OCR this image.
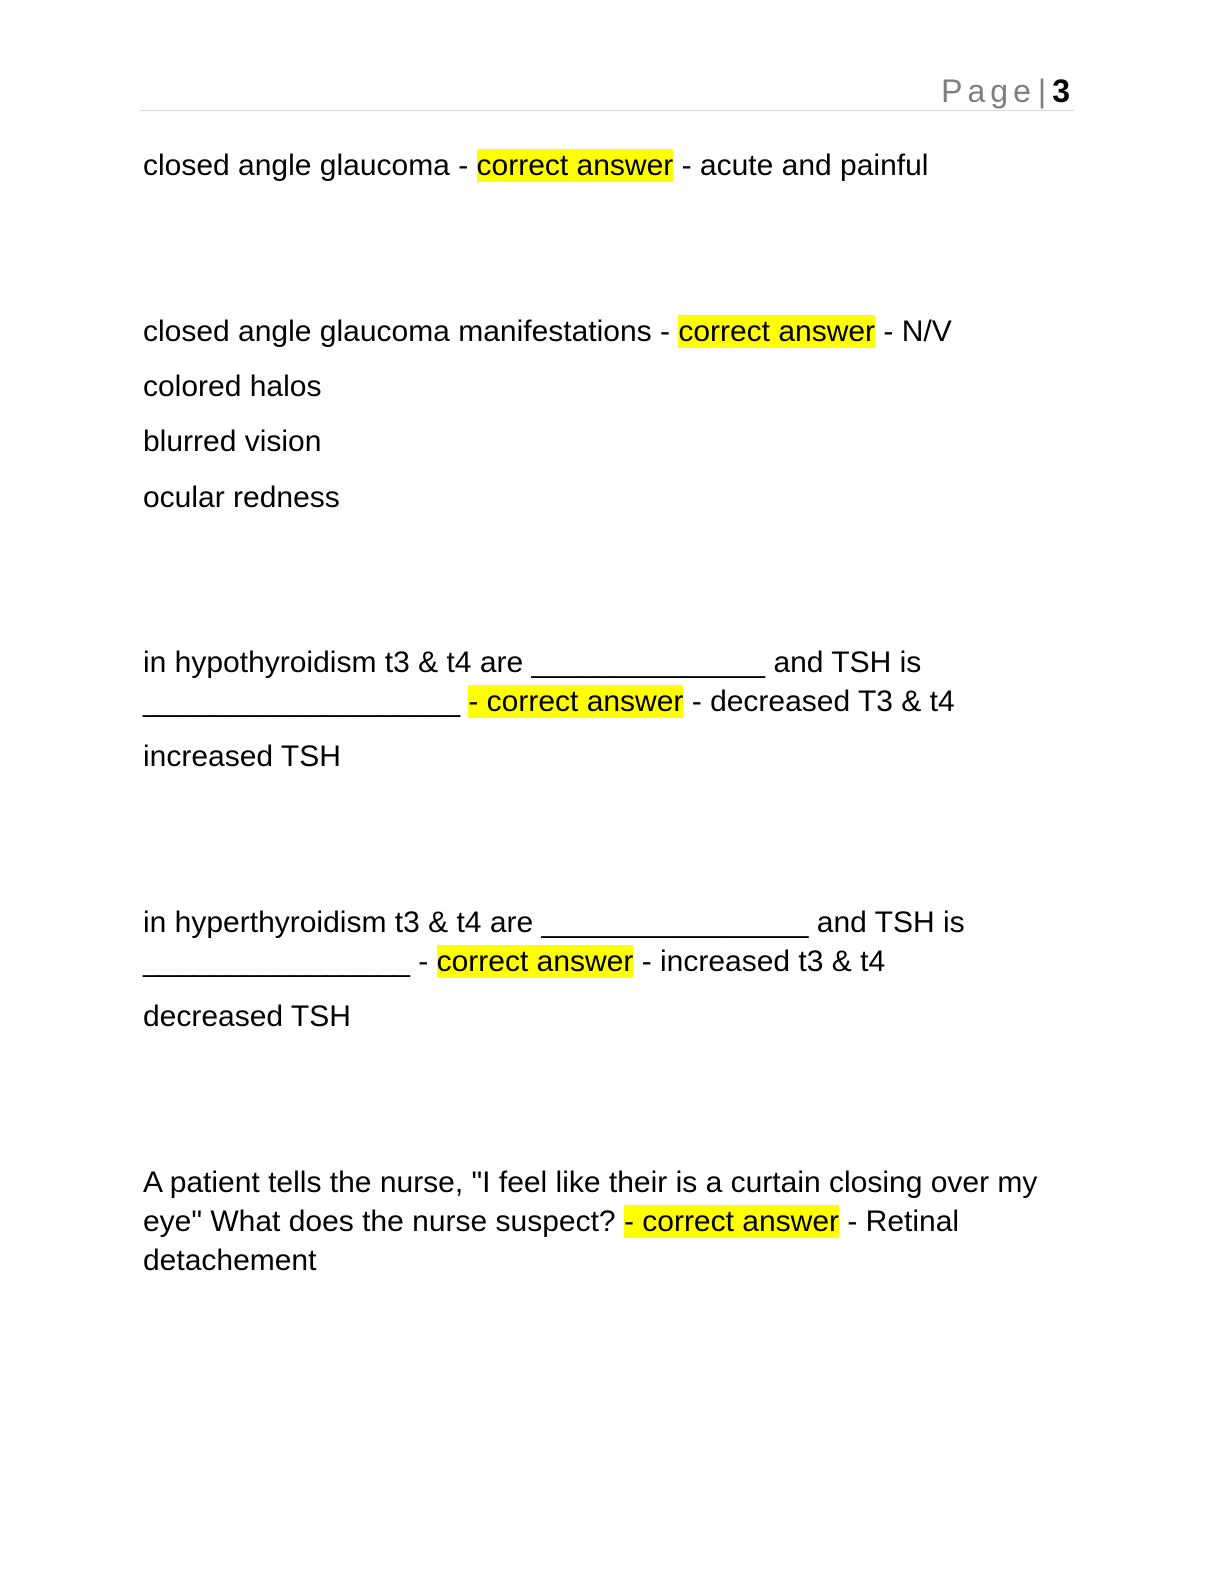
Page| 3

closed angle glaucoma - correct answer - acute and painful

closed angle glaucoma manifestations - correct answer - N/V

colored halos

blurred vision

ocular redness

in hypothyroidism t3 & t4 are ______________ and TSH is ___________________ - correct answer - decreased T3 & t4

increased TSH

in hyperthyroidism t3 & t4 are ________________ and TSH is ________________ - correct answer - increased t3 & t4

decreased TSH

A patient tells the nurse, "I feel like their is a curtain closing over my eye" What does the nurse suspect? - correct answer - Retinal detachement
